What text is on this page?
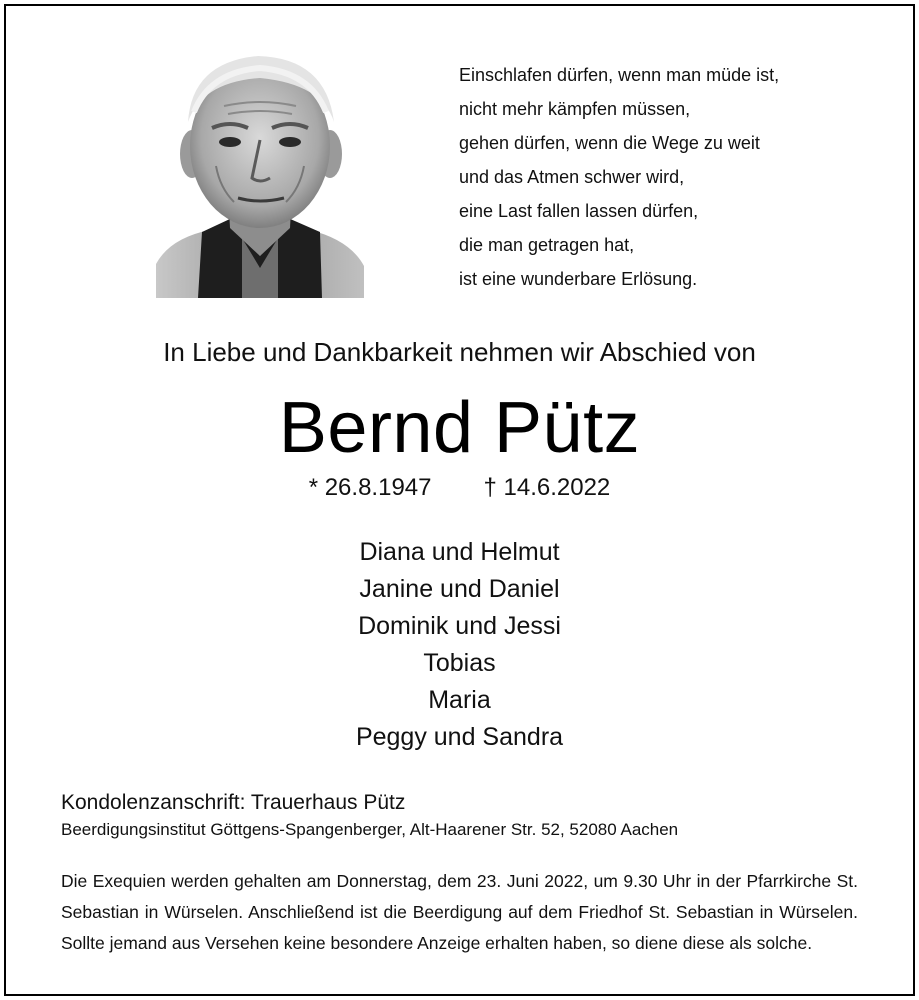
Einschlafen dürfen, wenn man müde ist,
nicht mehr kämpfen müssen,
gehen dürfen, wenn die Wege zu weit
und das Atmen schwer wird,
eine Last fallen lassen dürfen,
die man getragen hat,
ist eine wunderbare Erlösung.
In Liebe und Dankbarkeit nehmen wir Abschied von
Bernd Pütz
* 26.8.1947 † 14.6.2022
Diana und Helmut
Janine und Daniel
Dominik und Jessi
Tobias
Maria
Peggy und Sandra
Kondolenzanschrift: Trauerhaus Pütz
Beerdigungsinstitut Göttgens-Spangenberger, Alt-Haarener Str. 52, 52080 Aachen

Die Exequien werden gehalten am Donnerstag, dem 23. Juni 2022, um 9.30 Uhr in der Pfarrkirche St. Sebastian in Würselen. Anschließend ist die Beerdigung auf dem Friedhof St. Sebastian in Würselen. Sollte jemand aus Versehen keine besondere Anzeige erhalten haben, so diene diese als solche.
